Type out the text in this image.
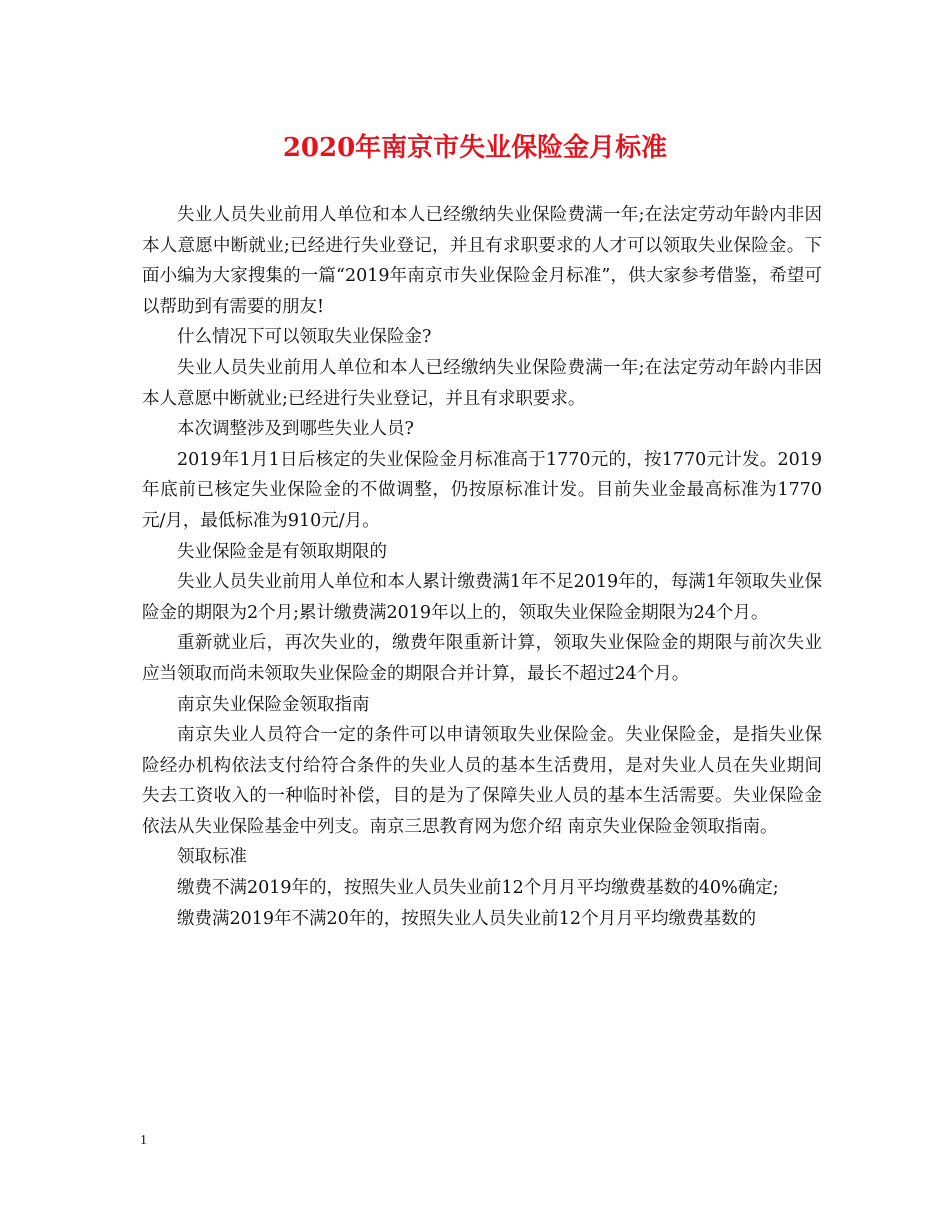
2020年南京市失业保险金月标准

失业人员失业前用人单位和本人已经缴纳失业保险费满一年;在法定劳动年龄内非因本人意愿中断就业;已经进行失业登记，并且有求职要求的人才可以领取失业保险金。下面小编为大家搜集的一篇“2019年南京市失业保险金月标准”，供大家参考借鉴，希望可以帮助到有需要的朋友!

什么情况下可以领取失业保险金?

失业人员失业前用人单位和本人已经缴纳失业保险费满一年;在法定劳动年龄内非因本人意愿中断就业;已经进行失业登记，并且有求职要求。

本次调整涉及到哪些失业人员?

2019年1月1日后核定的失业保险金月标准高于1770元的，按1770元计发。2019年底前已核定失业保险金的不做调整，仍按原标准计发。目前失业金最高标准为1770元/月，最低标准为910元/月。

失业保险金是有领取期限的

失业人员失业前用人单位和本人累计缴费满1年不足2019年的，每满1年领取失业保险金的期限为2个月;累计缴费满2019年以上的，领取失业保险金期限为24个月。

重新就业后，再次失业的，缴费年限重新计算，领取失业保险金的期限与前次失业应当领取而尚未领取失业保险金的期限合并计算，最长不超过24个月。

南京失业保险金领取指南

南京失业人员符合一定的条件可以申请领取失业保险金。失业保险金，是指失业保险经办机构依法支付给符合条件的失业人员的基本生活费用，是对失业人员在失业期间失去工资收入的一种临时补偿，目的是为了保障失业人员的基本生活需要。失业保险金依法从失业保险基金中列支。南京三思教育网为您介绍 南京失业保险金领取指南。

领取标准

缴费不满2019年的，按照失业人员失业前12个月月平均缴费基数的40%确定;

缴费满2019年不满20年的，按照失业人员失业前12个月月平均缴费基数的

1
